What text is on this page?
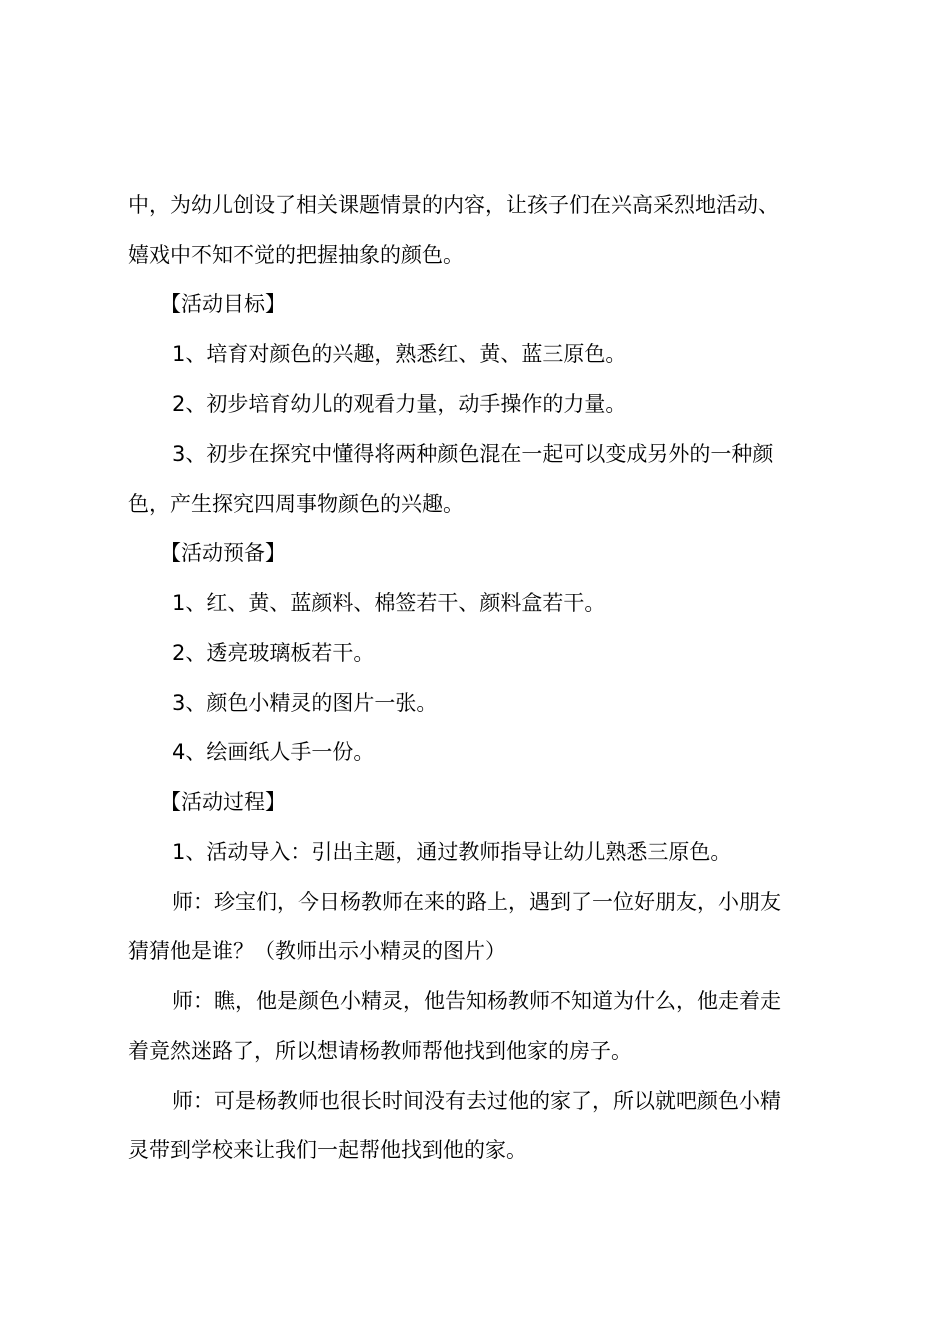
中，为幼儿创设了相关课题情景的内容，让孩子们在兴高采烈地活动、
嬉戏中不知不觉的把握抽象的颜色。
【活动目标】
1、培育对颜色的兴趣，熟悉红、黄、蓝三原色。
2、初步培育幼儿的观看力量，动手操作的力量。
3、初步在探究中懂得将两种颜色混在一起可以变成另外的一种颜
色，产生探究四周事物颜色的兴趣。
【活动预备】
1、红、黄、蓝颜料、棉签若干、颜料盒若干。
2、透亮玻璃板若干。
3、颜色小精灵的图片一张。
4、绘画纸人手一份。
【活动过程】
1、活动导入：引出主题，通过教师指导让幼儿熟悉三原色。
师：珍宝们，今日杨教师在来的路上，遇到了一位好朋友，小朋友
猜猜他是谁？（教师出示小精灵的图片）
师：瞧，他是颜色小精灵，他告知杨教师不知道为什么，他走着走
着竟然迷路了，所以想请杨教师帮他找到他家的房子。
师：可是杨教师也很长时间没有去过他的家了，所以就吧颜色小精
灵带到学校来让我们一起帮他找到他的家。
